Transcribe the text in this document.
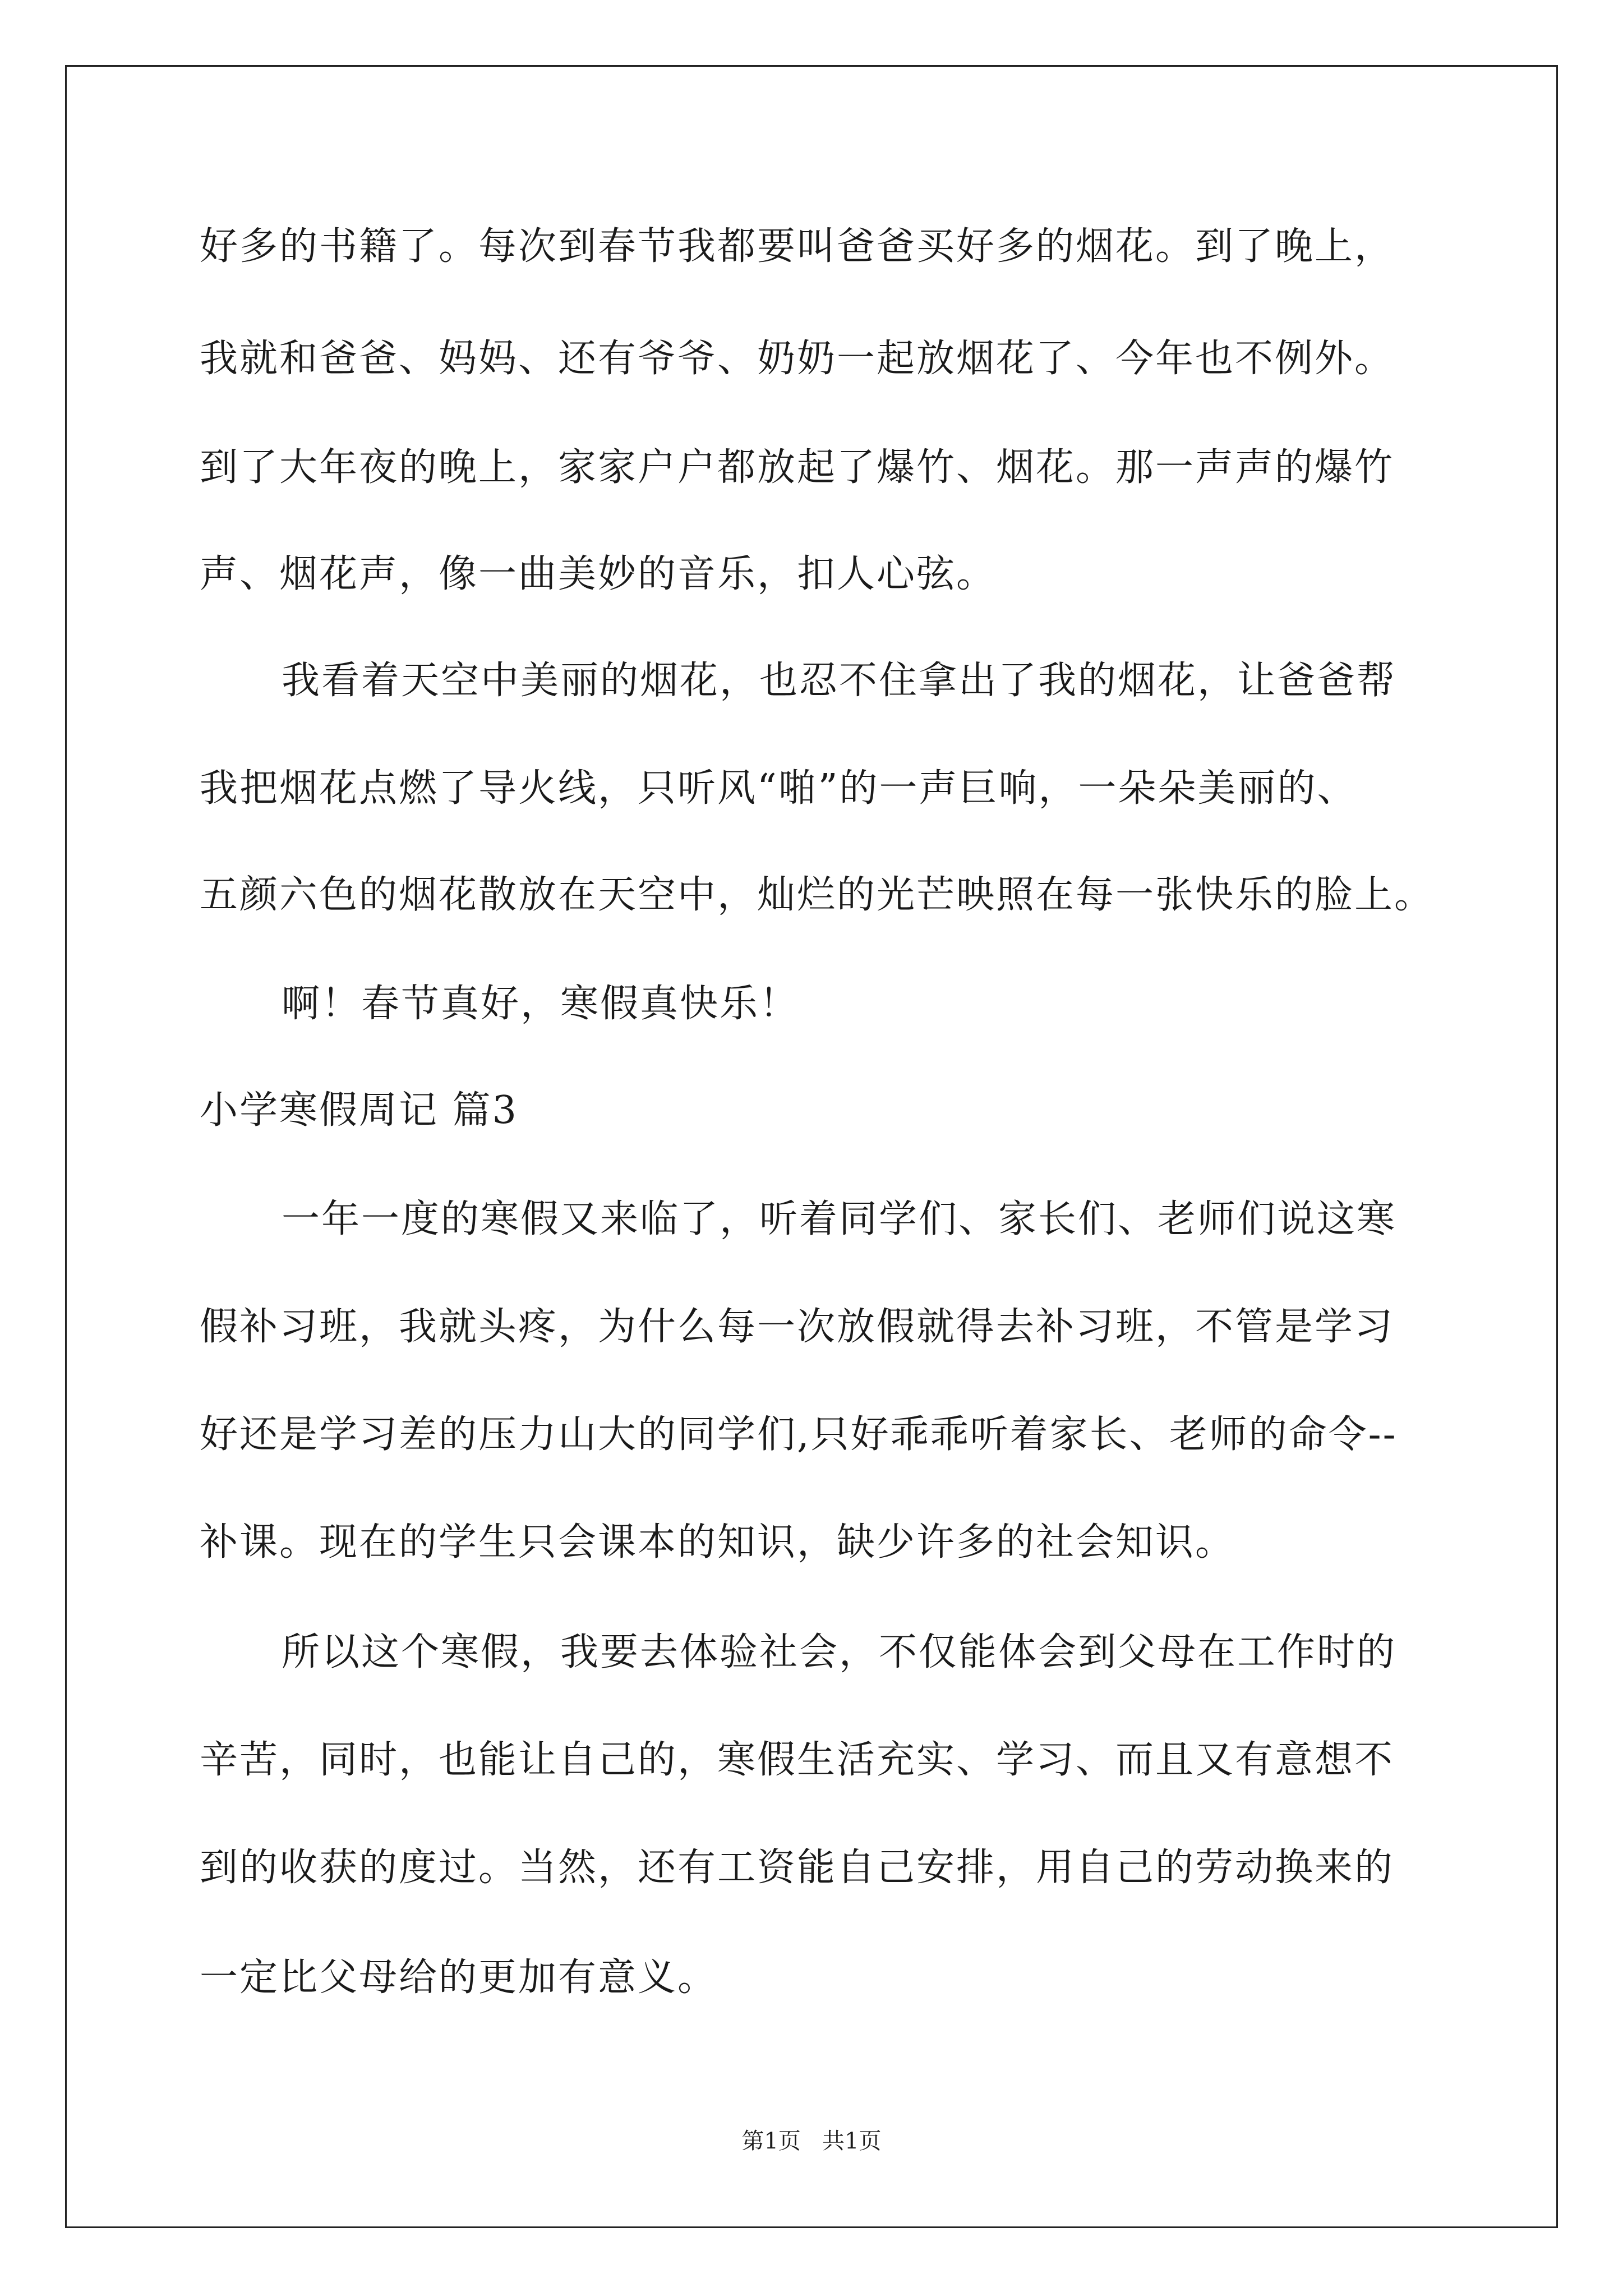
好多的书籍了。每次到春节我都要叫爸爸买好多的烟花。到了晚上，
我就和爸爸、妈妈、还有爷爷、奶奶一起放烟花了、今年也不例外。
到了大年夜的晚上，家家户户都放起了爆竹、烟花。那一声声的爆竹
声、烟花声，像一曲美妙的音乐，扣人心弦。
我看着天空中美丽的烟花，也忍不住拿出了我的烟花，让爸爸帮
我把烟花点燃了导火线，只听风“啪”的一声巨响，一朵朵美丽的、
五颜六色的烟花散放在天空中，灿烂的光芒映照在每一张快乐的脸上。
啊！春节真好，寒假真快乐！
小学寒假周记 篇3
一年一度的寒假又来临了，听着同学们、家长们、老师们说这寒
假补习班，我就头疼，为什么每一次放假就得去补习班，不管是学习
好还是学习差的压力山大的同学们,只好乖乖听着家长、老师的命令--
补课。现在的学生只会课本的知识，缺少许多的社会知识。
所以这个寒假，我要去体验社会，不仅能体会到父母在工作时的
辛苦，同时，也能让自己的，寒假生活充实、学习、而且又有意想不
到的收获的度过。当然，还有工资能自己安排，用自己的劳动换来的
一定比父母给的更加有意义。
第1页   共1页
